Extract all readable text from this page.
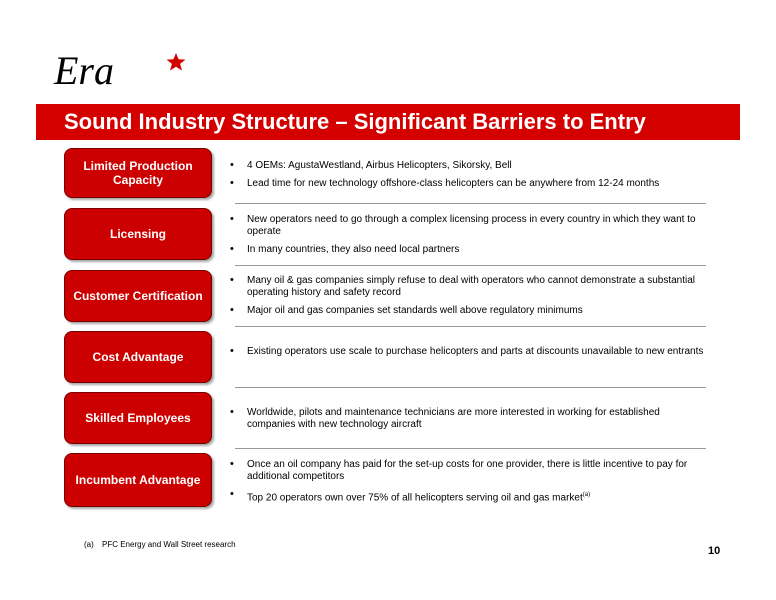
Era
Sound Industry Structure – Significant Barriers to Entry
Limited Production Capacity
• 4 OEMs: AgustaWestland, Airbus Helicopters, Sikorsky, Bell
• Lead time for new technology offshore-class helicopters can be anywhere from 12-24 months
Licensing
• New operators need to go through a complex licensing process in every country in which they want to operate
• In many countries, they also need local partners
Customer Certification
• Many oil & gas companies simply refuse to deal with operators who cannot demonstrate a substantial operating history and safety record
• Major oil and gas companies set standards well above regulatory minimums
Cost Advantage	• Existing operators use scale to purchase helicopters and parts at discounts unavailable to new entrants
Skilled Employees	• Worldwide, pilots and maintenance technicians are more interested in working for established companies with new technology aircraft
Incumbent Advantage
• Once an oil company has paid for the set-up costs for one provider, there is little incentive to pay for additional competitors
• Top 20 operators own over 75% of all helicopters serving oil and gas market$^{(a)}$
(a) PFC Energy and Wall Street research
10
